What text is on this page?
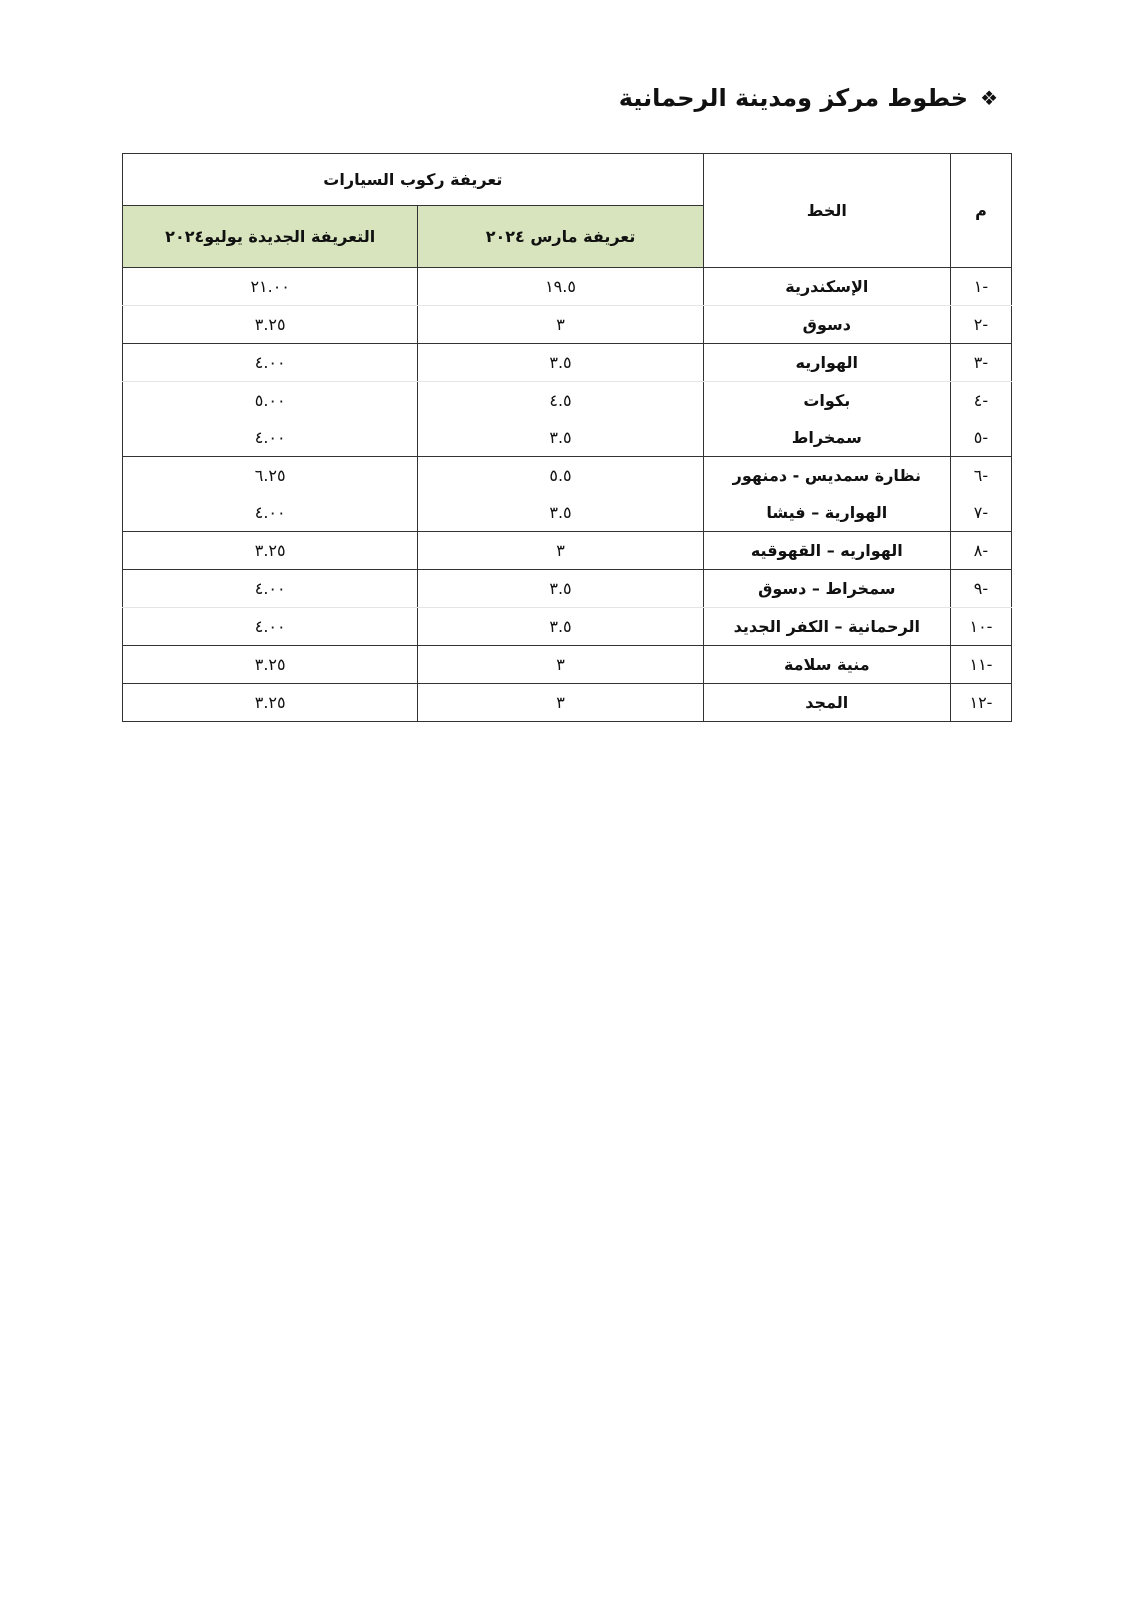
❖
خطوط مركز ومدينة الرحمانية
م	الخط	تعريفة ركوب السيارات	
		تعريفة مارس ٢٠٢٤	التعريفة الجديدة يوليو٢٠٢٤
-١	الإسكندرية	١٩.٥	٢١.٠٠
-٢	دسوق	٣	٣.٢٥
-٣	الهواريه	٣.٥	٤.٠٠
-٤	بكوات	٤.٥	٥.٠٠
-٥	سمخراط	٣.٥	٤.٠٠
-٦	نظارة سمديس - دمنهور	٥.٥	٦.٢٥
-٧	الهوارية – فيشا	٣.٥	٤.٠٠
-٨	الهواريه – القهوقيه	٣	٣.٢٥
-٩	سمخراط – دسوق	٣.٥	٤.٠٠
-١٠	الرحمانية – الكفر الجديد	٣.٥	٤.٠٠
-١١	منية سلامة	٣	٣.٢٥
-١٢	المجد	٣	٣.٢٥
